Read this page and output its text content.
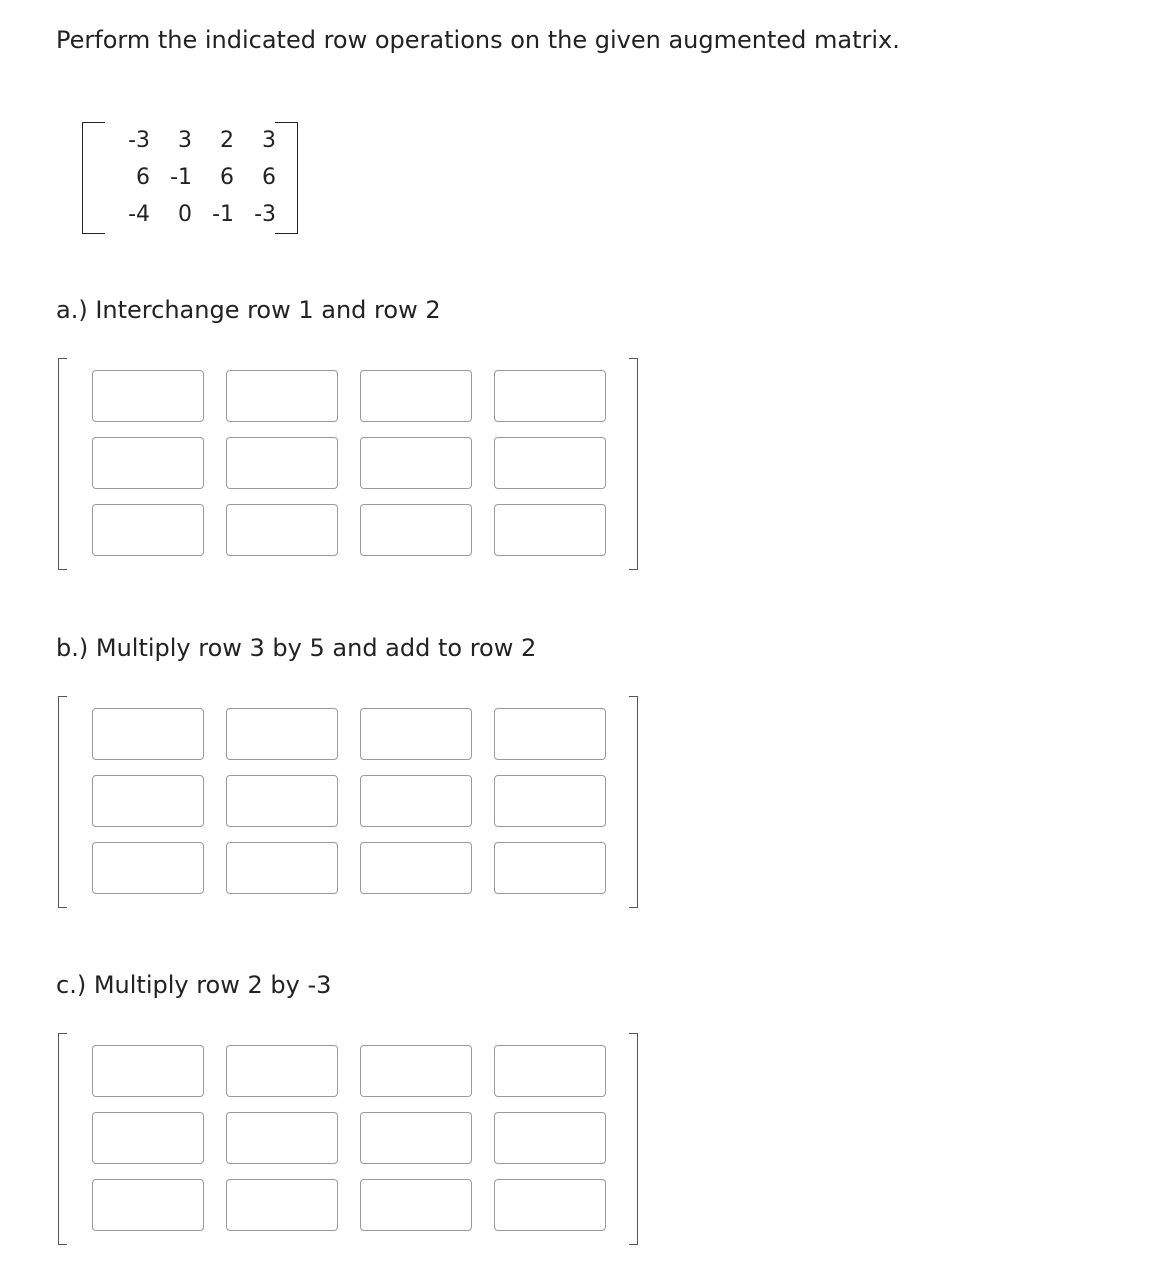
Perform the indicated row operations on the given augmented matrix.
-3	3	2	3
6 -1	6	6
-4	0 -1 -3
a.) Interchange row 1 and row 2
b.) Multiply row 3 by 5 and add to row 2
c.) Multiply row 2 by -3
